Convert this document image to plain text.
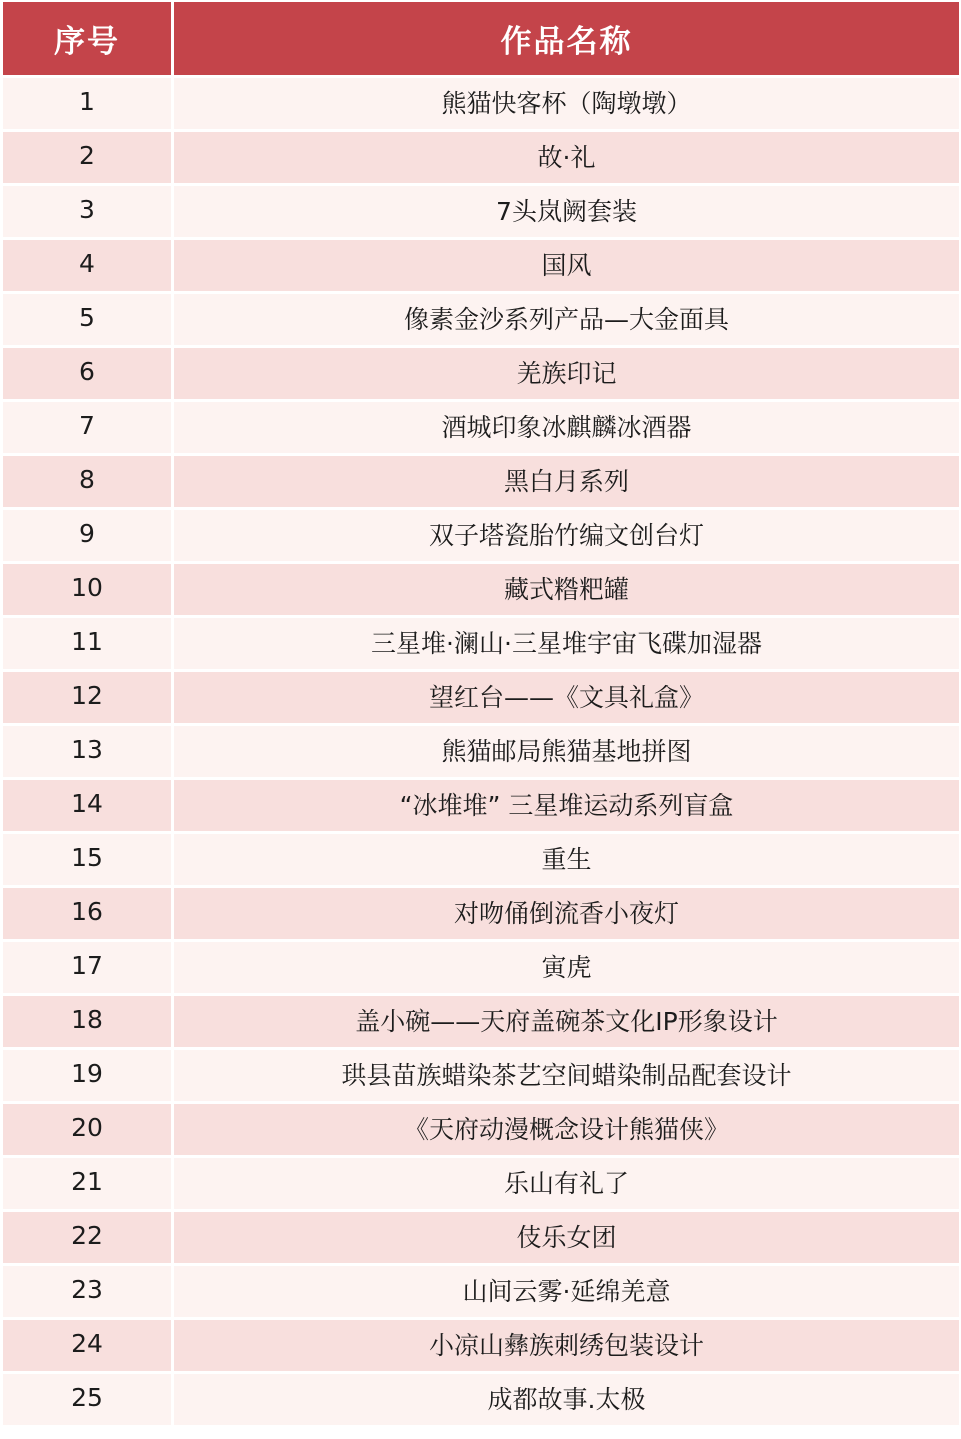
序号	作品名称
1	熊猫快客杯（陶墩墩）
2	故·礼
3	7头岚阙套装
4	国风
5	像素金沙系列产品—大金面具
6	羌族印记
7	酒城印象冰麒麟冰酒器
8	黑白月系列
9	双子塔瓷胎竹编文创台灯
10	藏式糌粑罐
11	三星堆·澜山·三星堆宇宙飞碟加湿器
12	望红台——《文具礼盒》
13	熊猫邮局熊猫基地拼图
14	“冰堆堆” 三星堆运动系列盲盒
15	重生
16	对吻俑倒流香小夜灯
17	寅虎
18	盖小碗——天府盖碗茶文化IP形象设计
19	珙县苗族蜡染茶艺空间蜡染制品配套设计
20	《天府动漫概念设计熊猫侠》
21	乐山有礼了
22	伎乐女团
23	山间云雾·延绵羌意
24	小凉山彝族刺绣包装设计
25	成都故事.太极
